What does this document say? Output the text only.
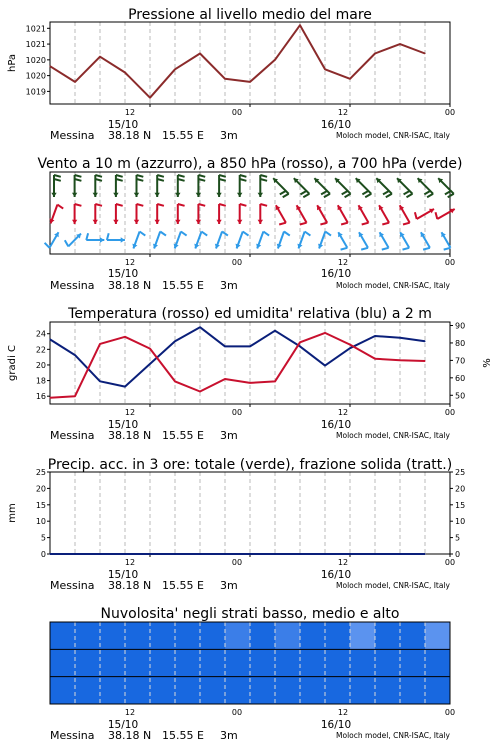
Pressione al livello medio del mare
12	00	12	00
15/10	16/10
Messina 38.18 N 15.55 E 3m	Moloch model, CNR-ISAC, Italy
1019
1020
1020
1021
1021
hPa
Vento a 10 m (azzurro), a 850 hPa (rosso), a 700 hPa (verde)
12	00	12	00
15/10	16/10
Messina 38.18 N 15.55 E 3m	Moloch model, CNR-ISAC, Italy
Temperatura (rosso) ed umidita' relativa (blu) a 2 m
12	00	12	00
15/10	16/10
Messina 38.18 N 15.55 E 3m	Moloch model, CNR-ISAC, Italy
16
18
20
22
24
50
60
70
80
90
gradi C	%
Precip. acc. in 3 ore: totale (verde), frazione solida (tratt.)
12	00	12	00
15/10	16/10
Messina 38.18 N 15.55 E 3m	Moloch model, CNR-ISAC, Italy
0	0
5	5
10	10
15	15
20	20
25	25
mm
Nuvolosita' negli strati basso, medio e alto
12	00	12	00
15/10	16/10
Messina 38.18 N 15.55 E 3m	Moloch model, CNR-ISAC, Italy
